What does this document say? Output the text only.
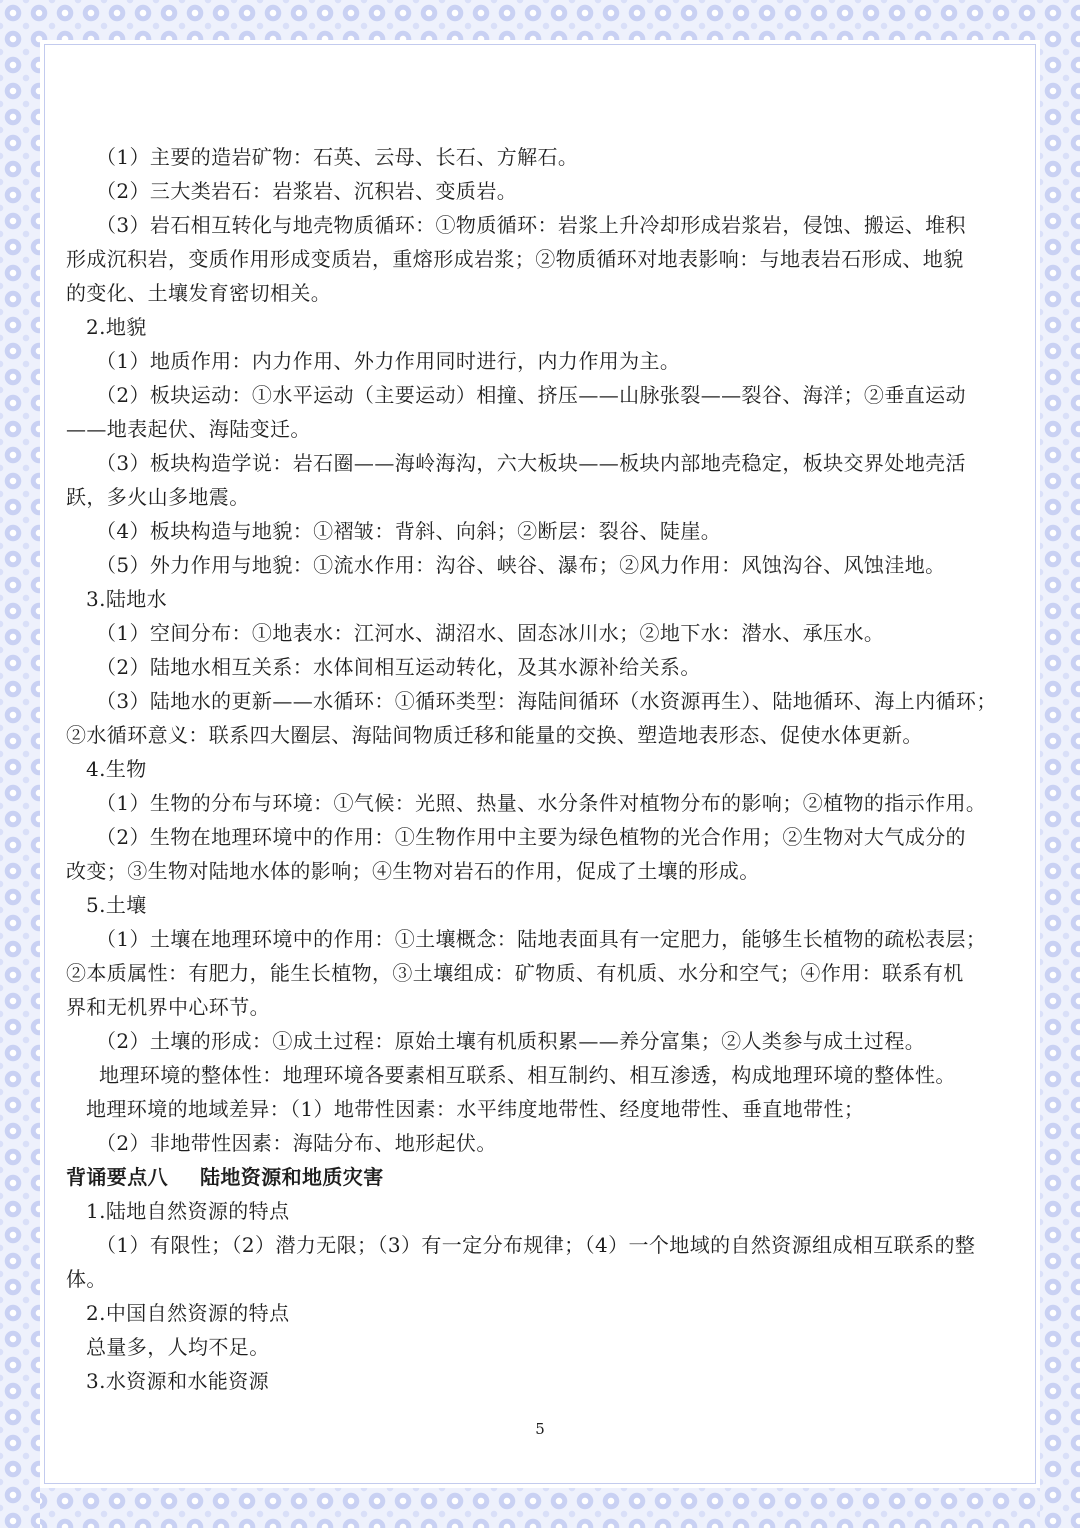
（1）主要的造岩矿物：石英、云母、长石、方解石。
（2）三大类岩石：岩浆岩、沉积岩、变质岩。
（3）岩石相互转化与地壳物质循环：①物质循环：岩浆上升冷却形成岩浆岩，侵蚀、搬运、堆积
形成沉积岩，变质作用形成变质岩，重熔形成岩浆；②物质循环对地表影响：与地表岩石形成、地貌
的变化、土壤发育密切相关。
2.地貌
（1）地质作用：内力作用、外力作用同时进行，内力作用为主。
（2）板块运动：①水平运动（主要运动）相撞、挤压——山脉张裂——裂谷、海洋；②垂直运动
——地表起伏、海陆变迁。
（3）板块构造学说：岩石圈——海岭海沟，六大板块——板块内部地壳稳定，板块交界处地壳活
跃，多火山多地震。
（4）板块构造与地貌：①褶皱：背斜、向斜；②断层：裂谷、陡崖。
（5）外力作用与地貌：①流水作用：沟谷、峡谷、瀑布；②风力作用：风蚀沟谷、风蚀洼地。
3.陆地水
（1）空间分布：①地表水：江河水、湖沼水、固态冰川水；②地下水：潜水、承压水。
（2）陆地水相互关系：水体间相互运动转化，及其水源补给关系。
（3）陆地水的更新——水循环：①循环类型：海陆间循环（水资源再生）、陆地循环、海上内循环；
②水循环意义：联系四大圈层、海陆间物质迁移和能量的交换、塑造地表形态、促使水体更新。
4.生物
（1）生物的分布与环境：①气候：光照、热量、水分条件对植物分布的影响；②植物的指示作用。
（2）生物在地理环境中的作用：①生物作用中主要为绿色植物的光合作用；②生物对大气成分的
改变；③生物对陆地水体的影响；④生物对岩石的作用，促成了土壤的形成。
5.土壤
（1）土壤在地理环境中的作用：①土壤概念：陆地表面具有一定肥力，能够生长植物的疏松表层；
②本质属性：有肥力，能生长植物，③土壤组成：矿物质、有机质、水分和空气；④作用：联系有机
界和无机界中心环节。
（2）土壤的形成：①成土过程：原始土壤有机质积累——养分富集；②人类参与成土过程。
地理环境的整体性：地理环境各要素相互联系、相互制约、相互渗透，构成地理环境的整体性。
地理环境的地域差异：（1）地带性因素：水平纬度地带性、经度地带性、垂直地带性；
（2）非地带性因素：海陆分布、地形起伏。
背诵要点八 陆地资源和地质灾害
1.陆地自然资源的特点
（1）有限性；（2）潜力无限；（3）有一定分布规律；（4）一个地域的自然资源组成相互联系的整
体。
2.中国自然资源的特点
总量多，人均不足。
3.水资源和水能资源
5
